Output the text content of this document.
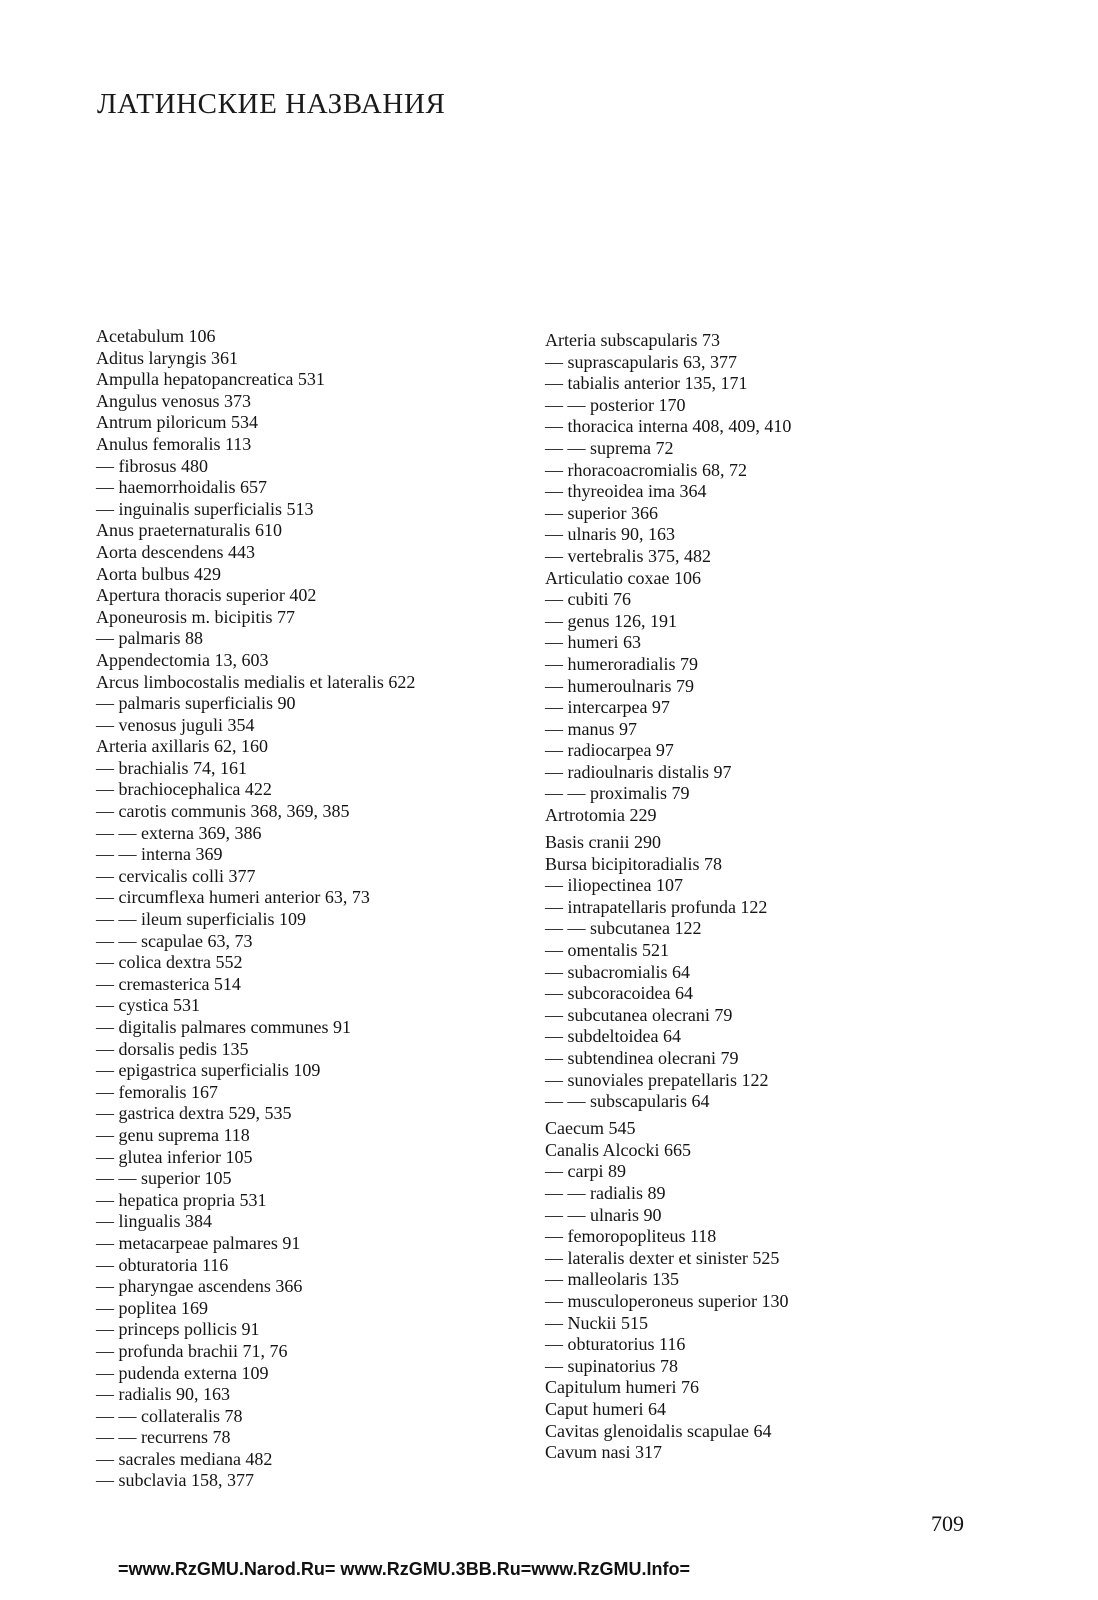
ЛАТИНСКИЕ НАЗВАНИЯ
Acetabulum 106
Aditus laryngis 361
Ampulla hepatopancreatica 531
Angulus venosus 373
Antrum piloricum 534
Anulus femoralis 113
— fibrosus 480
— haemorrhoidalis 657
— inguinalis superficialis 513
Anus praeternaturalis 610
Aorta descendens 443
Aorta bulbus 429
Apertura thoracis superior 402
Aponeurosis m. bicipitis 77
— palmaris 88
Appendectomia 13, 603
Arcus limbocostalis medialis et lateralis 622
— palmaris superficialis 90
— venosus juguli 354
Arteria axillaris 62, 160
— brachialis 74, 161
— brachiocephalica 422
— carotis communis 368, 369, 385
— — externa 369, 386
— — interna 369
— cervicalis colli 377
— circumflexa humeri anterior 63, 73
— — ileum superficialis 109
— — scapulae 63, 73
— colica dextra 552
— cremasterica 514
— cystica 531
— digitalis palmares communes 91
— dorsalis pedis 135
— epigastrica superficialis 109
— femoralis 167
— gastrica dextra 529, 535
— genu suprema 118
— glutea inferior 105
— — superior 105
— hepatica propria 531
— lingualis 384
— metacarpeae palmares 91
— obturatoria 116
— pharyngae ascendens 366
— poplitea 169
— princeps pollicis 91
— profunda brachii 71, 76
— pudenda externa 109
— radialis 90, 163
— — collateralis 78
— — recurrens 78
— sacrales mediana 482
— subclavia 158, 377
Arteria subscapularis 73
— suprascapularis 63, 377
— tabialis anterior 135, 171
— — posterior 170
— thoracica interna 408, 409, 410
— — suprema 72
— rhoracoacromialis 68, 72
— thyreoidea ima 364
— superior 366
— ulnaris 90, 163
— vertebralis 375, 482
Articulatio coxae 106
— cubiti 76
— genus 126, 191
— humeri 63
— humeroradialis 79
— humeroulnaris 79
— intercarpea 97
— manus 97
— radiocarpea 97
— radioulnaris distalis 97
— — proximalis 79
Artrotomia 229
Basis cranii 290
Bursa bicipitoradialis 78
— iliopectinea 107
— intrapatellaris profunda 122
— — subcutanea 122
— omentalis 521
— subacromialis 64
— subcoracoidea 64
— subcutanea olecrani 79
— subdeltoidea 64
— subtendinea olecrani 79
— sunoviales prepatellaris 122
— — subscapularis 64
Caecum 545
Canalis Alcocki 665
— carpi 89
— — radialis 89
— — ulnaris 90
— femoropopliteus 118
— lateralis dexter et sinister 525
— malleolaris 135
— musculoperoneus superior 130
— Nuckii 515
— obturatorius 116
— supinatorius 78
Capitulum humeri 76
Caput humeri 64
Cavitas glenoidalis scapulae 64
Cavum nasi 317
709
=www.RzGMU.Narod.Ru= www.RzGMU.3BB.Ru=www.RzGMU.Info=
